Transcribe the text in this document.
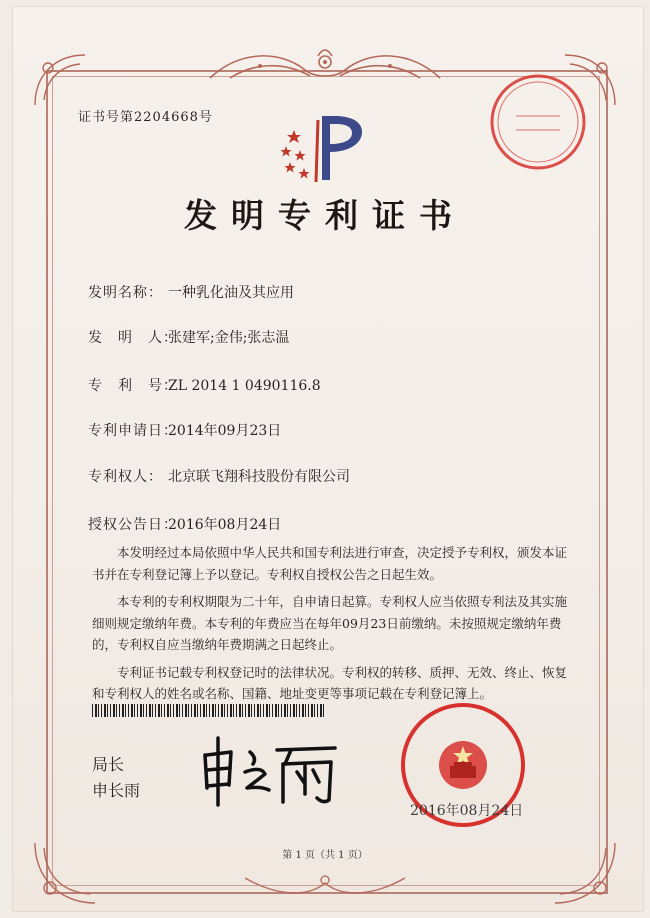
证书号第2204668号
发明专利证书
发明名称： 一种乳化油及其应用
发　明　人：张建军;金伟;张志温
专　利　号：ZL 2014 1 0490116.8
专利申请日：2014年09月23日
专利权人： 北京联飞翔科技股份有限公司
授权公告日：2016年08月24日

本发明经过本局依照中华人民共和国专利法进行审查，决定授予专利权，颁发本证书并在专利登记簿上予以登记。专利权自授权公告之日起生效。

本专利的专利权期限为二十年，自申请日起算。专利权人应当依照专利法及其实施细则规定缴纳年费。本专利的年费应当在每年09月23日前缴纳。未按照规定缴纳年费的，专利权自应当缴纳年费期满之日起终止。

专利证书记载专利权登记时的法律状况。专利权的转移、质押、无效、终止、恢复和专利权人的姓名或名称、国籍、地址变更等事项记载在专利登记簿上。

局长
申长雨
2016年08月24日
第 1 页（共 1 页）
